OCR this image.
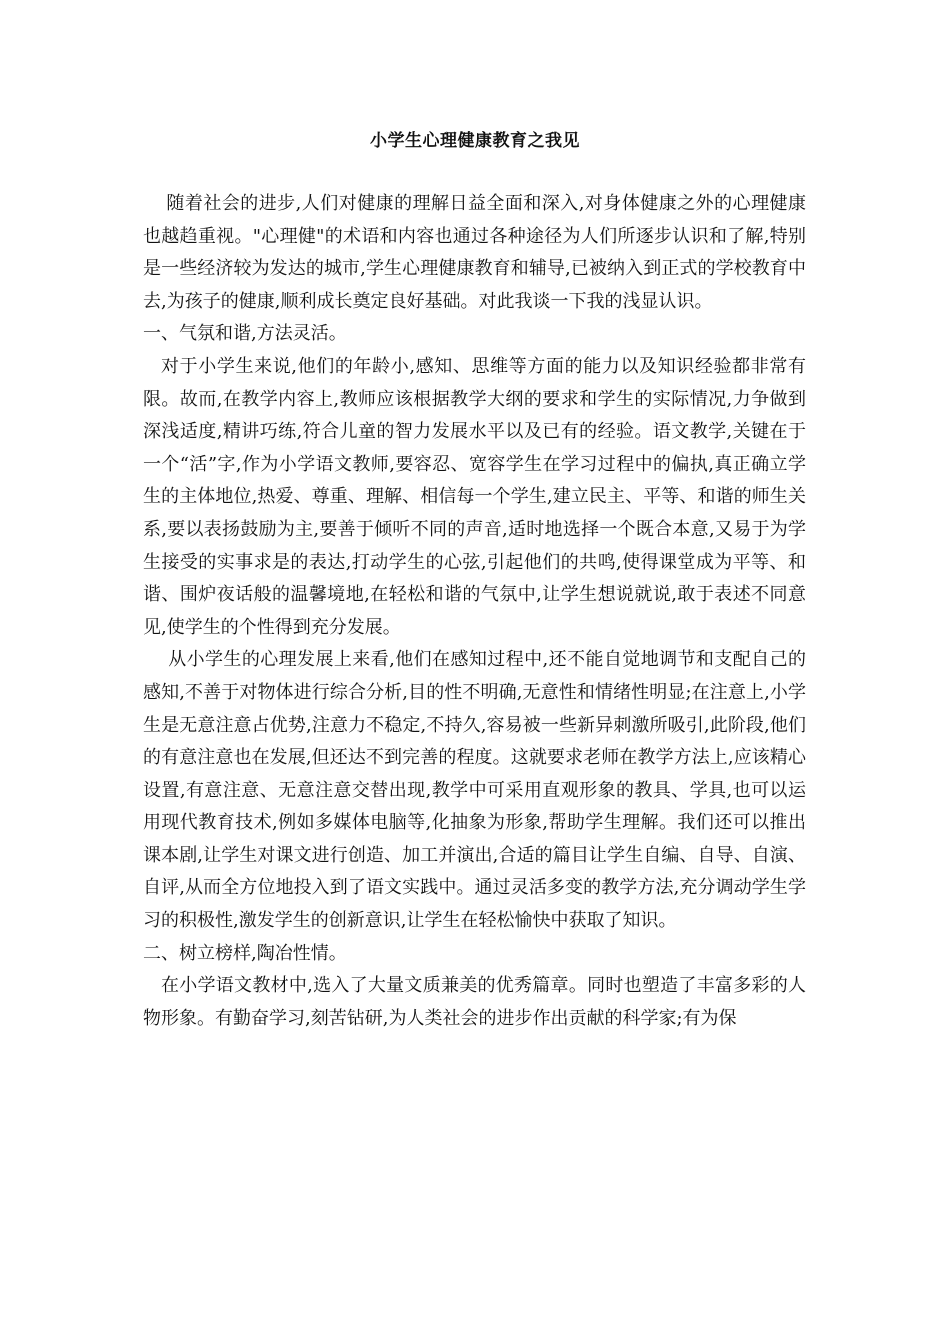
小学生心理健康教育之我见

随着社会的进步,人们对健康的理解日益全面和深入,对身体健康之外的心理健康也越趋重视。"心理健"的术语和内容也通过各种途径为人们所逐步认识和了解,特别是一些经济较为发达的城市,学生心理健康教育和辅导,已被纳入到正式的学校教育中去,为孩子的健康,顺利成长奠定良好基础。对此我谈一下我的浅显认识。

一、气氛和谐,方法灵活。

对于小学生来说,他们的年龄小,感知、思维等方面的能力以及知识经验都非常有限。故而,在教学内容上,教师应该根据教学大纲的要求和学生的实际情况,力争做到深浅适度,精讲巧练,符合儿童的智力发展水平以及已有的经验。语文教学,关键在于一个“活”字,作为小学语文教师,要容忍、宽容学生在学习过程中的偏执,真正确立学生的主体地位,热爱、尊重、理解、相信每一个学生,建立民主、平等、和谐的师生关系,要以表扬鼓励为主,要善于倾听不同的声音,适时地选择一个既合本意,又易于为学生接受的实事求是的表达,打动学生的心弦,引起他们的共鸣,使得课堂成为平等、和谐、围炉夜话般的温馨境地,在轻松和谐的气氛中,让学生想说就说,敢于表述不同意见,使学生的个性得到充分发展。

从小学生的心理发展上来看,他们在感知过程中,还不能自觉地调节和支配自己的感知,不善于对物体进行综合分析,目的性不明确,无意性和情绪性明显;在注意上,小学生是无意注意占优势,注意力不稳定,不持久,容易被一些新异刺激所吸引,此阶段,他们的有意注意也在发展,但还达不到完善的程度。这就要求老师在教学方法上,应该精心设置,有意注意、无意注意交替出现,教学中可采用直观形象的教具、学具,也可以运用现代教育技术,例如多媒体电脑等,化抽象为形象,帮助学生理解。我们还可以推出课本剧,让学生对课文进行创造、加工并演出,合适的篇目让学生自编、自导、自演、自评,从而全方位地投入到了语文实践中。通过灵活多变的教学方法,充分调动学生学习的积极性,激发学生的创新意识,让学生在轻松愉快中获取了知识。

二、树立榜样,陶冶性情。

在小学语文教材中,选入了大量文质兼美的优秀篇章。同时也塑造了丰富多彩的人物形象。有勤奋学习,刻苦钻研,为人类社会的进步作出贡献的科学家;有为保
